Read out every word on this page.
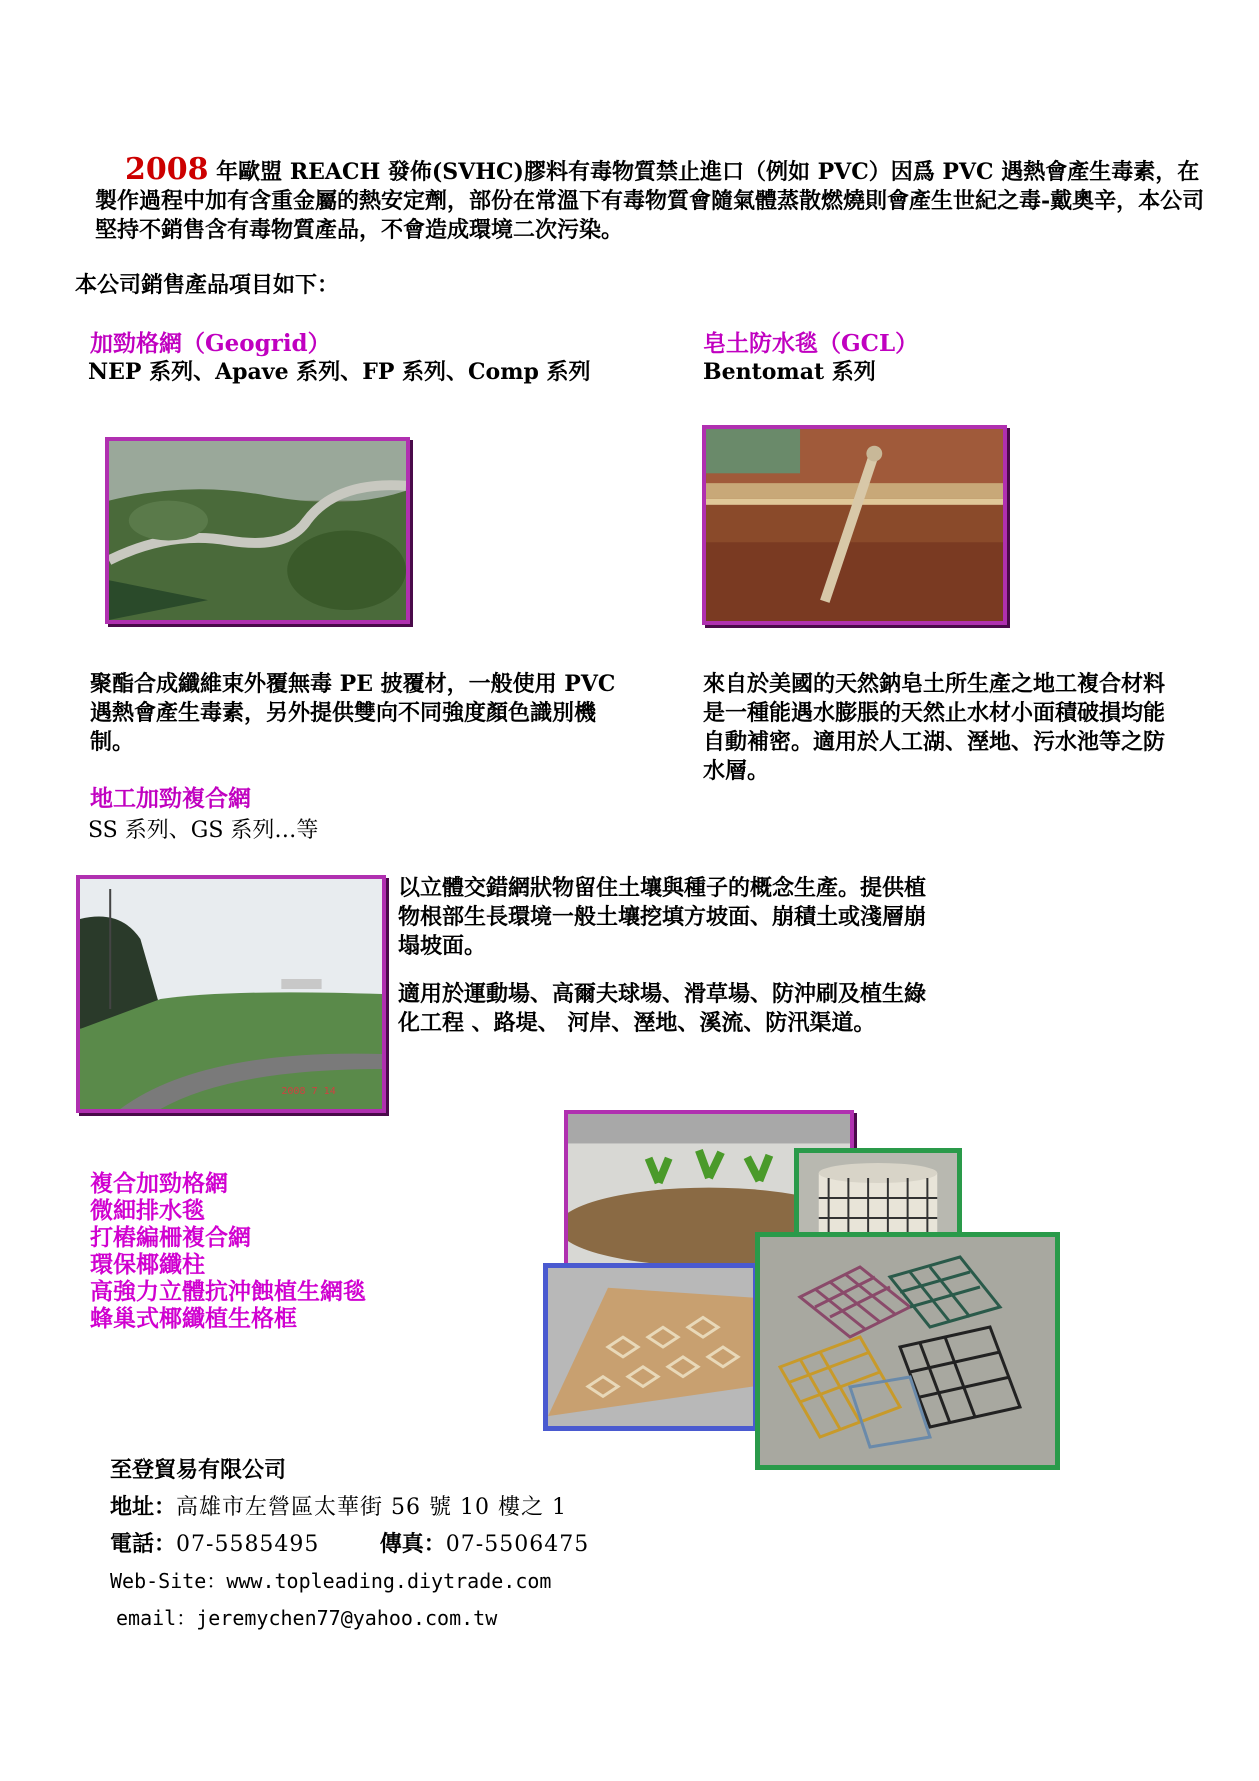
2008 年歐盟 REACH 發佈(SVHC)膠料有毒物質禁止進口（例如 PVC）因爲 PVC 遇熱會產生毒素，在製作過程中加有含重金屬的熱安定劑，部份在常溫下有毒物質會隨氣體蒸散燃燒則會產生世紀之毒-戴奧辛，本公司堅持不銷售含有毒物質產品，不會造成環境二次污染。
本公司銷售產品項目如下：
加勁格網（Geogrid）
NEP 系列、Apave 系列、FP 系列、Comp 系列
皂土防水毯（GCL）
Bentomat 系列
聚酯合成纖維束外覆無毒 PE 披覆材，一般使用 PVC 遇熱會產生毒素，另外提供雙向不同強度顏色識別機制。
來自於美國的天然鈉皂土所生產之地工複合材料是一種能遇水膨脹的天然止水材小面積破損均能自動補密。適用於人工湖、溼地、污水池等之防水層。
地工加勁複合網
SS 系列、GS 系列…等
2008 7 14
以立體交錯網狀物留住土壤與種子的概念生產。提供植物根部生長環境一般土壤挖填方坡面、崩積土或淺層崩塌坡面。
適用於運動場、高爾夫球場、滑草場、防沖刷及植生綠化工程 、路堤、 河岸、溼地、溪流、防汛渠道。
複合加勁格網
微細排水毯
打樁編柵複合網
環保椰纖柱
高強力立體抗沖蝕植生網毯
蜂巢式椰纖植生格框
至登貿易有限公司
地址：高雄市左營區太華街 56 號 10 樓之 1
電話：07-5585495	傳真：07-5506475
Web-Site：www.topleading.diytrade.com
email：jeremychen77@yahoo.com.tw
